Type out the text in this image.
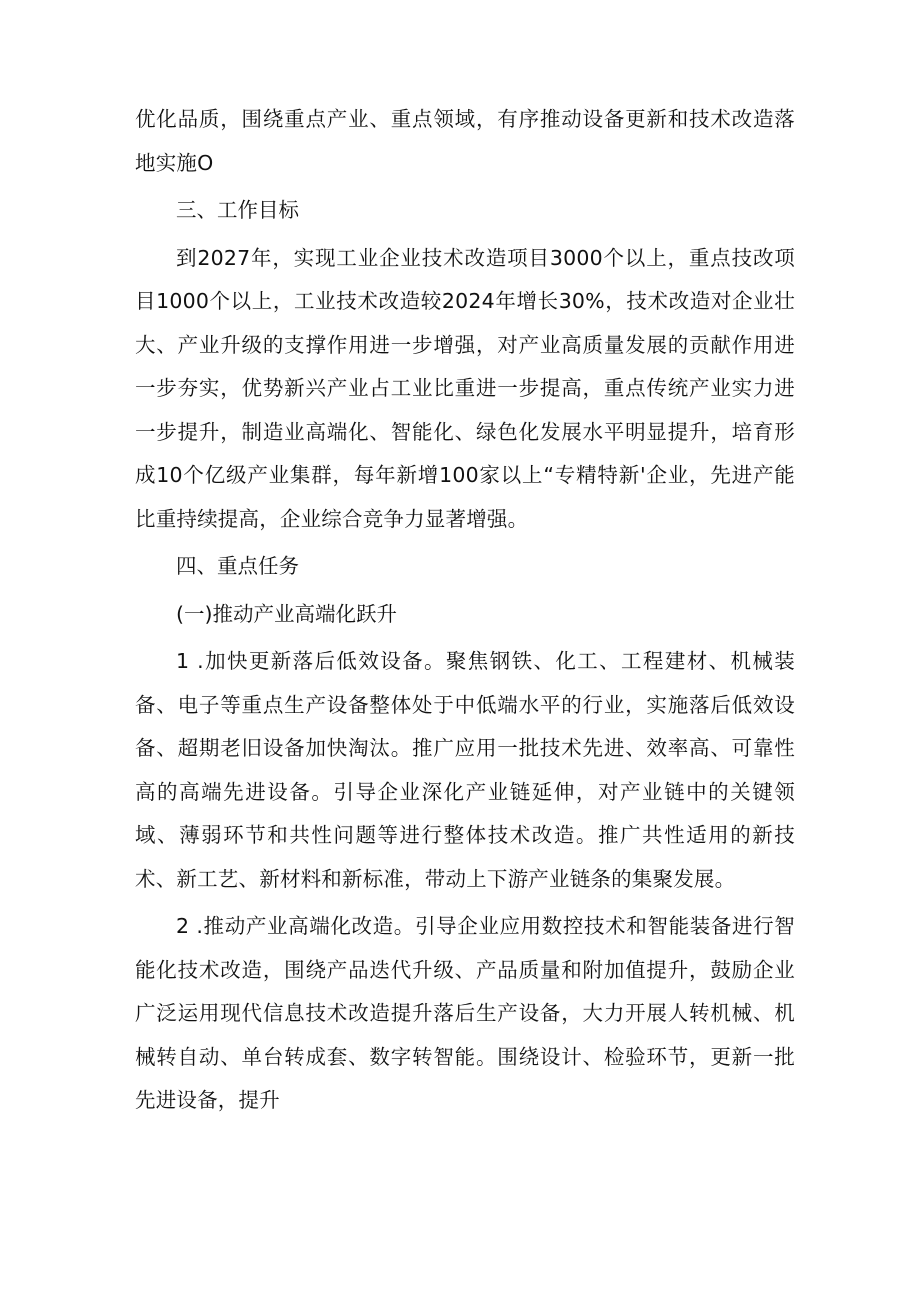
优化品质，围绕重点产业、重点领域，有序推动设备更新和技术改造落地实施O

三、工作目标

到2027年，实现工业企业技术改造项目3000个以上，重点技改项目1000个以上，工业技术改造较2024年增长30%，技术改造对企业壮大、产业升级的支撑作用进一步增强，对产业高质量发展的贡献作用进一步夯实，优势新兴产业占工业比重进一步提高，重点传统产业实力进一步提升，制造业高端化、智能化、绿色化发展水平明显提升，培育形成10个亿级产业集群，每年新增100家以上“专精特新'企业，先进产能比重持续提高，企业综合竞争力显著增强。

四、重点任务

(一)推动产业高端化跃升

1 .加快更新落后低效设备。聚焦钢铁、化工、工程建材、机械装备、电子等重点生产设备整体处于中低端水平的行业，实施落后低效设备、超期老旧设备加快淘汰。推广应用一批技术先进、效率高、可靠性高的高端先进设备。引导企业深化产业链延伸，对产业链中的关键领域、薄弱环节和共性问题等进行整体技术改造。推广共性适用的新技术、新工艺、新材料和新标准，带动上下游产业链条的集聚发展。

2 .推动产业高端化改造。引导企业应用数控技术和智能装备进行智能化技术改造，围绕产品迭代升级、产品质量和附加值提升，鼓励企业广泛运用现代信息技术改造提升落后生产设备，大力开展人转机械、机械转自动、单台转成套、数字转智能。围绕设计、检验环节，更新一批先进设备，提升
